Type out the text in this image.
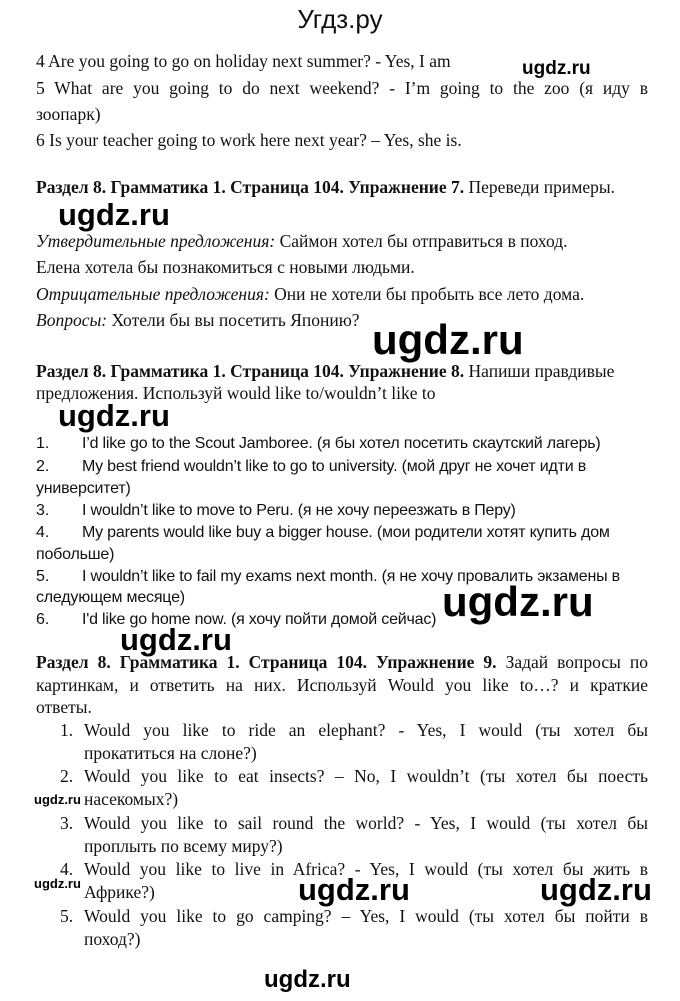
Угдз.ру
4 Are you going to go on holiday next summer? - Yes, I am
5 What are you going to do next weekend? - I’m going to the zoo (я иду в
зоопарк)
6 Is your teacher going to work here next year? – Yes, she is.
Раздел 8. Грамматика 1. Страница 104. Упражнение 7. Переведи примеры.
Утвердительные предложения: Саймон хотел бы отправиться в поход.
Елена хотела бы познакомиться с новыми людьми.
Отрицательные предложения: Они не хотели бы пробыть все лето дома.
Вопросы: Хотели бы вы посетить Японию?
Раздел 8. Грамматика 1. Страница 104. Упражнение 8. Напиши правдивые
предложения. Используй would like to/wouldn’t like to
1. I’d like go to the Scout Jamboree. (я бы хотел посетить скаутский лагерь)
2. My best friend wouldn’t like to go to university. (мой друг не хочет идти в
университет)
3. I wouldn’t like to move to Peru. (я не хочу переезжать в Перу)
4. My parents would like buy a bigger house. (мои родители хотят купить дом
побольше)
5. I wouldn’t like to fail my exams next month. (я не хочу провалить экзамены в
следующем месяце)
6. I'd like go home now. (я хочу пойти домой сейчас)
Раздел 8. Грамматика 1. Страница 104. Упражнение 9. Задай вопросы по
картинкам, и ответить на них. Используй Would you like to…? и краткие
ответы.
1. Would you like to ride an elephant? - Yes, I would (ты хотел бы
прокатиться на слоне?)
2. Would you like to eat insects? – No, I wouldn’t (ты хотел бы поесть
насекомых?)
3. Would you like to sail round the world? - Yes, I would (ты хотел бы
проплыть по всему миру?)
4. Would you like to live in Africa? - Yes, I would (ты хотел бы жить в
Африке?)
5. Would you like to go camping? – Yes, I would (ты хотел бы пойти в
поход?)
ugdz.ru
ugdz.ru
ugdz.ru
ugdz.ru
ugdz.ru
ugdz.ru
ugdz.ru
ugdz.ru	ugdz.ru	ugdz.ru
ugdz.ru
